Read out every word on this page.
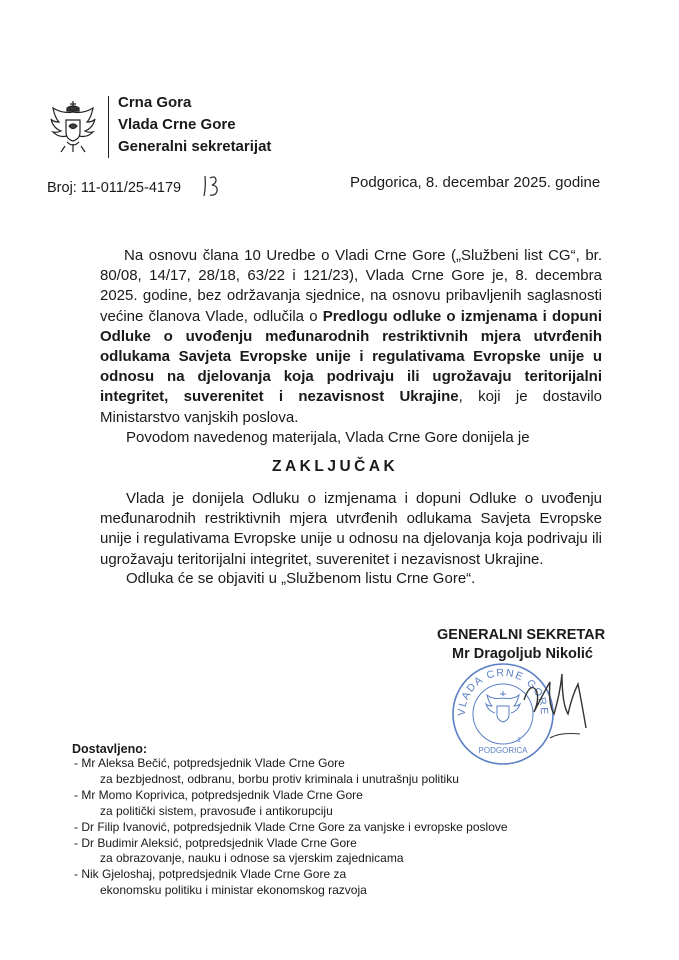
Crna Gora
Vlada Crne Gore
Generalni sekretarijat
Broj: 11-011/25-4179	Podgorica, 8. decembar 2025. godine
Na osnovu člana 10 Uredbe o Vladi Crne Gore („Službeni list CG“, br. 80/08, 14/17, 28/18, 63/22 i 121/23), Vlada Crne Gore je, 8. decembra 2025. godine, bez održavanja sjednice, na osnovu pribavljenih saglasnosti većine članova Vlade, odlučila o Predlogu odluke o izmjenama i dopuni Odluke o uvođenju međunarodnih restriktivnih mjera utvrđenih odlukama Savjeta Evropske unije i regulativama Evropske unije u odnosu na djelovanja koja podrivaju ili ugrožavaju teritorijalni integritet, suverenitet i nezavisnost Ukrajine, koji je dostavilo Ministarstvo vanjskih poslova.
Povodom navedenog materijala, Vlada Crne Gore donijela je
ZAKLJUČAK
Vlada je donijela Odluku o izmjenama i dopuni Odluke o uvođenju međunarodnih restriktivnih mjera utvrđenih odlukama Savjeta Evropske unije i regulativama Evropske unije u odnosu na djelovanja koja podrivaju ili ugrožavaju teritorijalni integritet, suverenitet i nezavisnost Ukrajine.
Odluka će se objaviti u „Službenom listu Crne Gore“.
GENERALNI SEKRETAR
Mr Dragoljub Nikolić
VLADA CRNE GORE
PODGORICA
1
Dostavljeno:
- Mr Aleksa Bečić, potpredsjednik Vlade Crne Gore
za bezbjednost, odbranu, borbu protiv kriminala i unutrašnju politiku
- Mr Momo Koprivica, potpredsjednik Vlade Crne Gore
za politički sistem, pravosuđe i antikorupciju
- Dr Filip Ivanović, potpredsjednik Vlade Crne Gore za vanjske i evropske poslove
- Dr Budimir Aleksić, potpredsjednik Vlade Crne Gore
za obrazovanje, nauku i odnose sa vjerskim zajednicama
- Nik Gjeloshaj, potpredsjednik Vlade Crne Gore za
ekonomsku politiku i ministar ekonomskog razvoja
